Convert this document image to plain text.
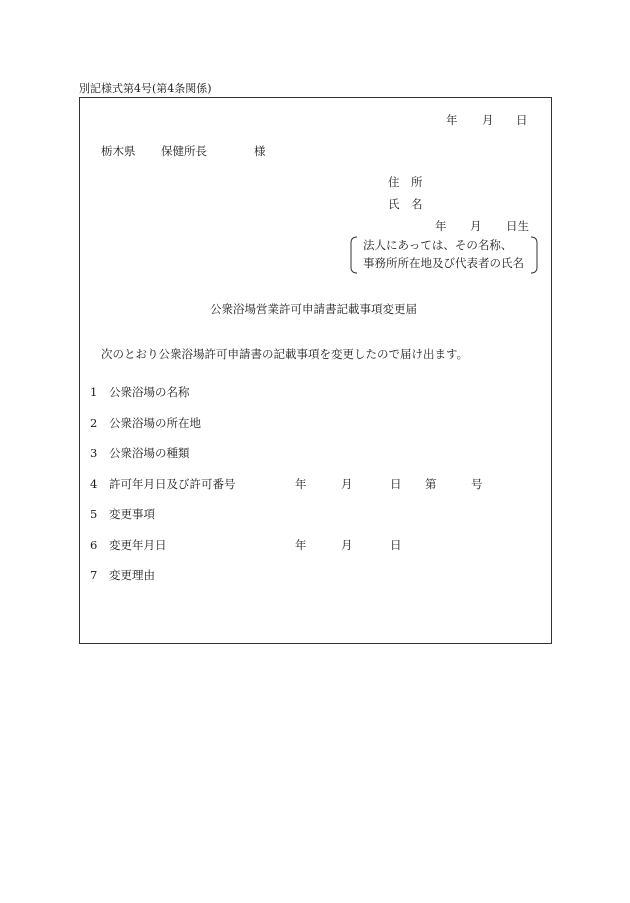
別記様式第4号(第4条関係)
年 月 日
栃木県 保健所長	様
住　所
氏　名
年 月 日生
法人にあっては、その名称、
事務所所在地及び代表者の氏名
公衆浴場営業許可申請書記載事項変更届
次のとおり公衆浴場許可申請書の記載事項を変更したので届け出ます。
1 公衆浴場の名称
2 公衆浴場の所在地
3 公衆浴場の種類
4 許可年月日及び許可番号	年	月	日 第	号
5 変更事項
6 変更年月日	年	月	日
7 変更理由
